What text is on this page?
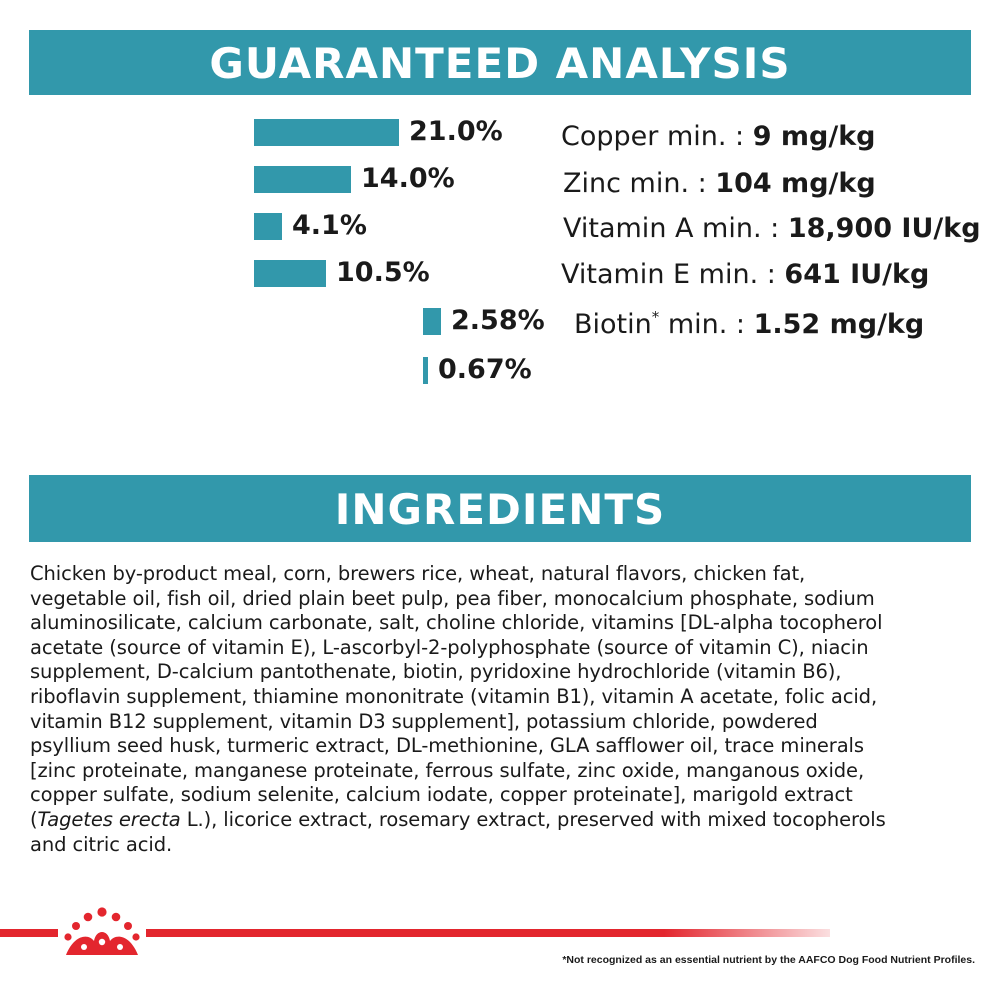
GUARANTEED ANALYSIS
21.0%
14.0%
4.1%
10.5%
2.58%
0.67%
Copper min. : 9 mg/kg
Zinc min. : 104 mg/kg
Vitamin A min. : 18,900 IU/kg
Vitamin E min. : 641 IU/kg
Biotin* min. : 1.52 mg/kg
INGREDIENTS
Chicken by-product meal, corn, brewers rice, wheat, natural flavors, chicken fat,
vegetable oil, fish oil, dried plain beet pulp, pea fiber, monocalcium phosphate, sodium
aluminosilicate, calcium carbonate, salt, choline chloride, vitamins [DL-alpha tocopherol
acetate (source of vitamin E), L-ascorbyl-2-polyphosphate (source of vitamin C), niacin
supplement, D-calcium pantothenate, biotin, pyridoxine hydrochloride (vitamin B6),
riboflavin supplement, thiamine mononitrate (vitamin B1), vitamin A acetate, folic acid,
vitamin B12 supplement, vitamin D3 supplement], potassium chloride, powdered
psyllium seed husk, turmeric extract, DL-methionine, GLA safflower oil, trace minerals
[zinc proteinate, manganese proteinate, ferrous sulfate, zinc oxide, manganous oxide,
copper sulfate, sodium selenite, calcium iodate, copper proteinate], marigold extract
(Tagetes erecta L.), licorice extract, rosemary extract, preserved with mixed tocopherols
and citric acid.
*Not recognized as an essential nutrient by the AAFCO Dog Food Nutrient Profiles.
